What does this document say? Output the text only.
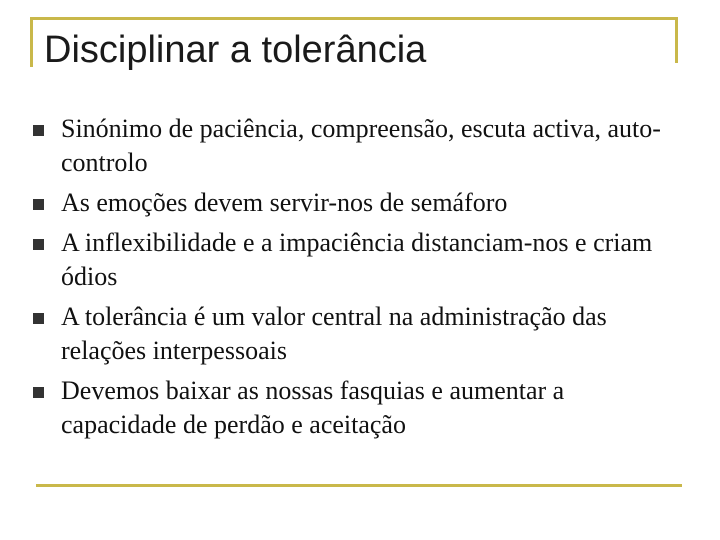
Disciplinar a tolerância
Sinónimo de paciência, compreensão, escuta activa, auto-controlo
As emoções devem servir-nos de semáforo
A inflexibilidade e a impaciência distanciam-nos e criam ódios
A tolerância é um valor central na administração das relações interpessoais
Devemos baixar as nossas fasquias e aumentar a capacidade de perdão e aceitação
